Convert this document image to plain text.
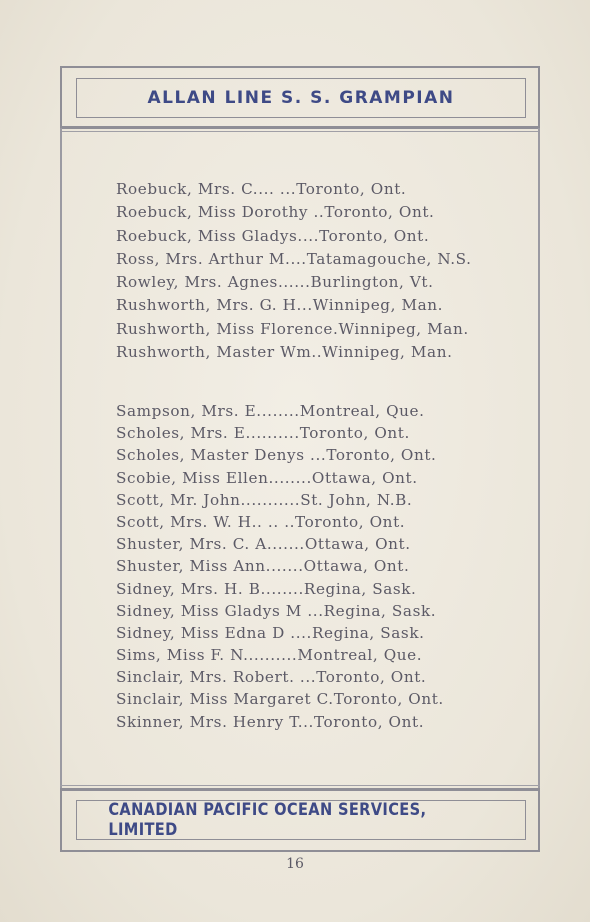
ALLAN LINE S. S. GRAMPIAN
Roebuck, Mrs. C.... ...Toronto, Ont.
Roebuck, Miss Dorothy ..Toronto, Ont.
Roebuck, Miss Gladys....Toronto, Ont.
Ross, Mrs. Arthur M....Tatamagouche, N.S.
Rowley, Mrs. Agnes......Burlington, Vt.
Rushworth, Mrs. G. H...Winnipeg, Man.
Rushworth, Miss Florence.Winnipeg, Man.
Rushworth, Master Wm..Winnipeg, Man.
Sampson, Mrs. E........Montreal, Que.
Scholes, Mrs. E..........Toronto, Ont.
Scholes, Master Denys ...Toronto, Ont.
Scobie, Miss Ellen........Ottawa, Ont.
Scott, Mr. John...........St. John, N.B.
Scott, Mrs. W. H.. .. ..Toronto, Ont.
Shuster, Mrs. C. A.......Ottawa, Ont.
Shuster, Miss Ann.......Ottawa, Ont.
Sidney, Mrs. H. B........Regina, Sask.
Sidney, Miss Gladys M ...Regina, Sask.
Sidney, Miss Edna D ....Regina, Sask.
Sims, Miss F. N..........Montreal, Que.
Sinclair, Mrs. Robert. ...Toronto, Ont.
Sinclair, Miss Margaret C.Toronto, Ont.
Skinner, Mrs. Henry T...Toronto, Ont.
CANADIAN PACIFIC OCEAN SERVICES, LIMITED
16
